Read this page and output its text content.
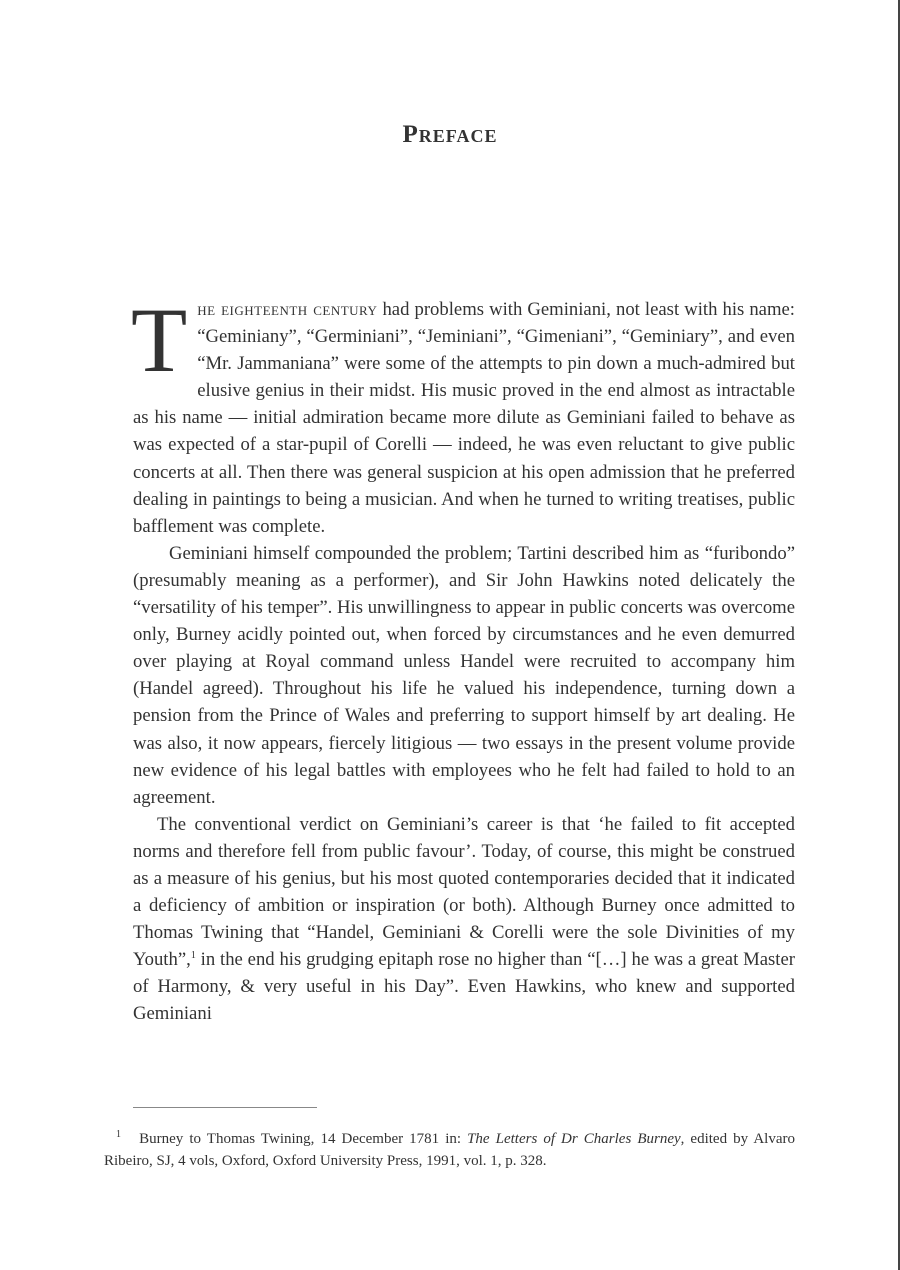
Preface

The eighteenth century had problems with Geminiani, not least with his name: “Geminiany”, “Germiniani”, “Jeminiani”, “Gimeniani”, “Geminiary”, and even “Mr. Jammaniana” were some of the attempts to pin down a much-admired but elusive genius in their midst. His music proved in the end almost as intractable as his name — initial admiration became more dilute as Geminiani failed to behave as was expected of a star-pupil of Corelli — indeed, he was even reluctant to give public concerts at all. Then there was general suspicion at his open admission that he preferred dealing in paintings to being a musician. And when he turned to writing treatises, public bafflement was complete.

Geminiani himself compounded the problem; Tartini described him as “furibondo” (presumably meaning as a performer), and Sir John Hawkins noted delicately the “versatility of his temper”. His unwillingness to appear in public concerts was overcome only, Burney acidly pointed out, when forced by circumstances and he even demurred over playing at Royal command unless Handel were recruited to accompany him (Handel agreed). Throughout his life he valued his independence, turning down a pension from the Prince of Wales and preferring to support himself by art dealing. He was also, it now appears, fiercely litigious — two essays in the present volume provide new evidence of his legal battles with employees who he felt had failed to hold to an agreement.

The conventional verdict on Geminiani’s career is that ‘he failed to fit accepted norms and therefore fell from public favour’. Today, of course, this might be construed as a measure of his genius, but his most quoted contemporaries decided that it indicated a deficiency of ambition or inspiration (or both). Although Burney once admitted to Thomas Twining that “Handel, Geminiani & Corelli were the sole Divinities of my Youth”,$^1$ in the end his grudging epitaph rose no higher than “[…] he was a great Master of Harmony, & very useful in his Day”. Even Hawkins, who knew and supported Geminiani

$^1$ Burney to Thomas Twining, 14 December 1781 in: The Letters of Dr Charles Burney, edited by Alvaro Ribeiro, SJ, 4 vols, Oxford, Oxford University Press, 1991, vol. 1, p. 328.
